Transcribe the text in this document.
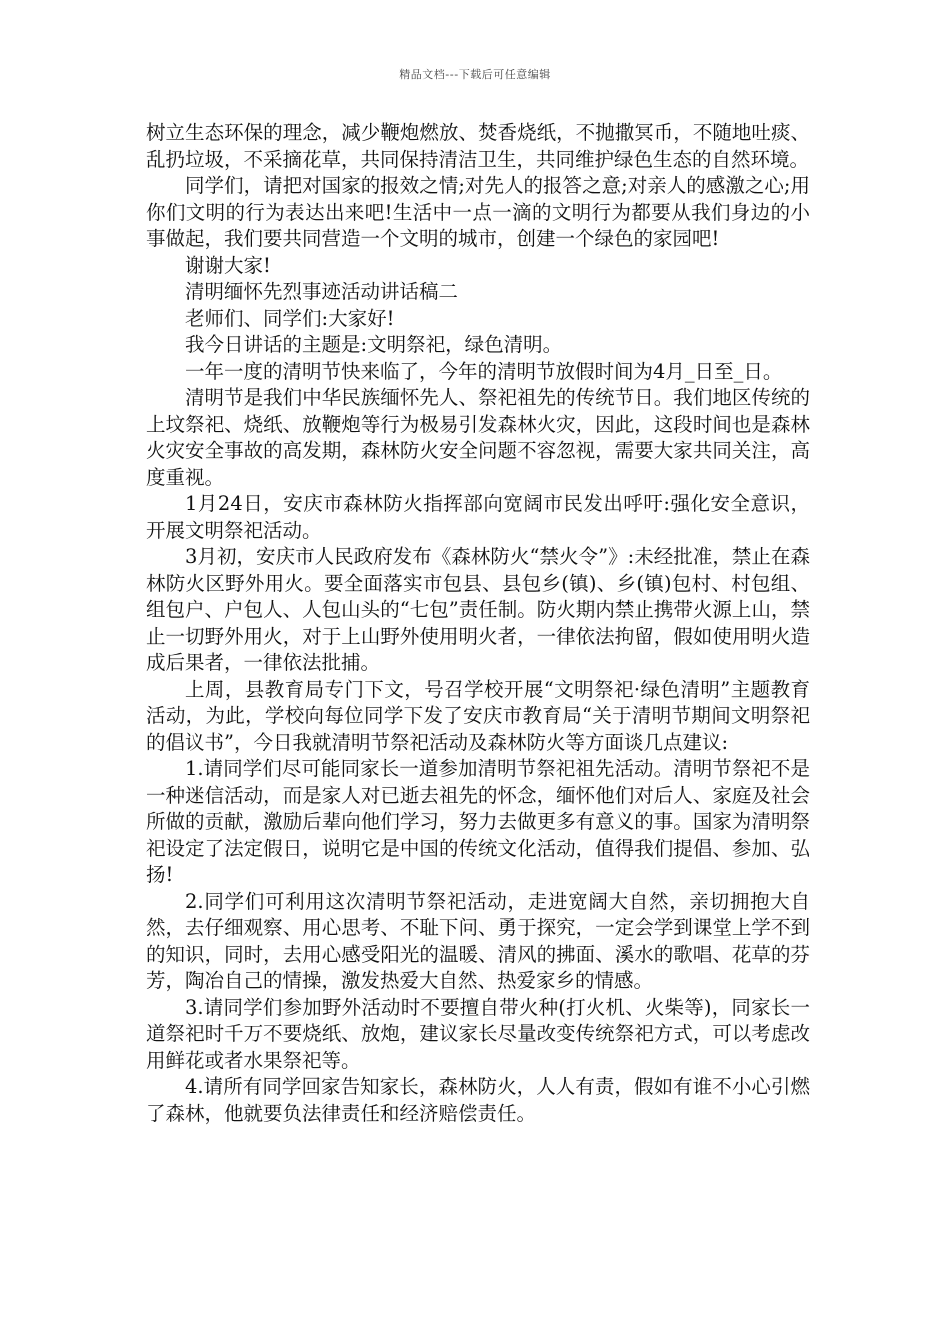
精品文档---下载后可任意编辑

树立生态环保的理念，减少鞭炮燃放、焚香烧纸，不抛撒冥币，不随地吐痰、乱扔垃圾，不采摘花草，共同保持清洁卫生，共同维护绿色生态的自然环境。

同学们，请把对国家的报效之情;对先人的报答之意;对亲人的感激之心;用你们文明的行为表达出来吧!生活中一点一滴的文明行为都要从我们身边的小事做起，我们要共同营造一个文明的城市，创建一个绿色的家园吧!

谢谢大家!

清明缅怀先烈事迹活动讲话稿二

老师们、同学们:大家好!

我今日讲话的主题是:文明祭祀，绿色清明。

一年一度的清明节快来临了，今年的清明节放假时间为4月_日至_日。

清明节是我们中华民族缅怀先人、祭祀祖先的传统节日。我们地区传统的上坟祭祀、烧纸、放鞭炮等行为极易引发森林火灾，因此，这段时间也是森林火灾安全事故的高发期，森林防火安全问题不容忽视，需要大家共同关注，高度重视。

1月24日，安庆市森林防火指挥部向宽阔市民发出呼吁:强化安全意识，开展文明祭祀活动。

3月初，安庆市人民政府发布《森林防火“禁火令”》:未经批准，禁止在森林防火区野外用火。要全面落实市包县、县包乡(镇)、乡(镇)包村、村包组、组包户、户包人、人包山头的“七包”责任制。防火期内禁止携带火源上山，禁止一切野外用火，对于上山野外使用明火者，一律依法拘留，假如使用明火造成后果者，一律依法批捕。

上周，县教育局专门下文，号召学校开展“文明祭祀·绿色清明”主题教育活动，为此，学校向每位同学下发了安庆市教育局“关于清明节期间文明祭祀的倡议书”，今日我就清明节祭祀活动及森林防火等方面谈几点建议:

1.请同学们尽可能同家长一道参加清明节祭祀祖先活动。清明节祭祀不是一种迷信活动，而是家人对已逝去祖先的怀念，缅怀他们对后人、家庭及社会所做的贡献，激励后辈向他们学习，努力去做更多有意义的事。国家为清明祭祀设定了法定假日，说明它是中国的传统文化活动，值得我们提倡、参加、弘扬!

2.同学们可利用这次清明节祭祀活动，走进宽阔大自然，亲切拥抱大自然，去仔细观察、用心思考、不耻下问、勇于探究，一定会学到课堂上学不到的知识，同时，去用心感受阳光的温暖、清风的拂面、溪水的歌唱、花草的芬芳，陶冶自己的情操，激发热爱大自然、热爱家乡的情感。

3.请同学们参加野外活动时不要擅自带火种(打火机、火柴等)，同家长一道祭祀时千万不要烧纸、放炮，建议家长尽量改变传统祭祀方式，可以考虑改用鲜花或者水果祭祀等。

4.请所有同学回家告知家长，森林防火，人人有责，假如有谁不小心引燃了森林，他就要负法律责任和经济赔偿责任。
